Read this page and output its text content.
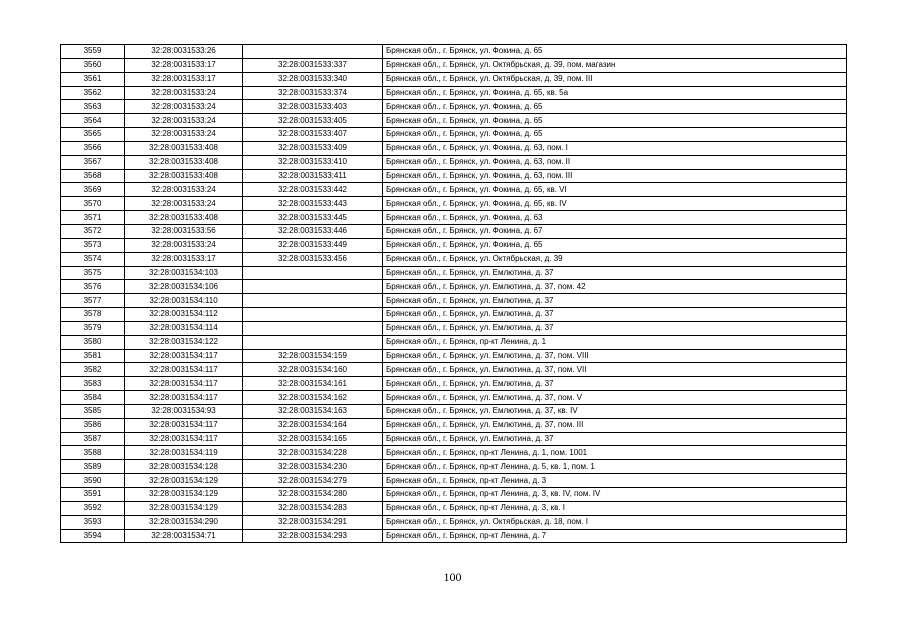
3559	32:28:0031533:26		Брянская обл., г. Брянск, ул. Фокина, д. 65
3560	32:28:0031533:17	32:28:0031533:337	Брянская обл., г. Брянск, ул. Октябрьская, д. 39, пом. магазин
3561	32:28:0031533:17	32:28:0031533:340	Брянская обл., г. Брянск, ул. Октябрьская, д. 39, пом. III
3562	32:28:0031533:24	32:28:0031533:374	Брянская обл., г. Брянск, ул. Фокина, д. 65, кв. 5а
3563	32:28:0031533:24	32:28:0031533:403	Брянская обл., г. Брянск, ул. Фокина, д. 65
3564	32:28:0031533:24	32:28:0031533:405	Брянская обл., г. Брянск, ул. Фокина, д. 65
3565	32:28:0031533:24	32:28:0031533:407	Брянская обл., г. Брянск, ул. Фокина, д. 65
3566	32:28:0031533:408	32:28:0031533:409	Брянская обл., г. Брянск, ул. Фокина, д. 63, пом. I
3567	32:28:0031533:408	32:28:0031533:410	Брянская обл., г. Брянск, ул. Фокина, д. 63, пом. II
3568	32:28:0031533:408	32:28:0031533:411	Брянская обл., г. Брянск, ул. Фокина, д. 63, пом. III
3569	32:28:0031533:24	32:28:0031533:442	Брянская обл., г. Брянск, ул. Фокина, д. 65, кв. VI
3570	32:28:0031533:24	32:28:0031533:443	Брянская обл., г. Брянск, ул. Фокина, д. 65, кв. IV
3571	32:28:0031533:408	32:28:0031533:445	Брянская обл., г. Брянск, ул. Фокина, д. 63
3572	32:28:0031533:56	32:28:0031533:446	Брянская обл., г. Брянск, ул. Фокина, д. 67
3573	32:28:0031533:24	32:28:0031533:449	Брянская обл., г. Брянск, ул. Фокина, д. 65
3574	32:28:0031533:17	32:28:0031533:456	Брянская обл., г. Брянск, ул. Октябрьская, д. 39
3575	32:28:0031534:103		Брянская обл., г. Брянск, ул. Емлютина, д. 37
3576	32:28:0031534:106		Брянская обл., г. Брянск, ул. Емлютина, д. 37, пом. 42
3577	32:28:0031534:110		Брянская обл., г. Брянск, ул. Емлютина, д. 37
3578	32:28:0031534:112		Брянская обл., г. Брянск, ул. Емлютина, д. 37
3579	32:28:0031534:114		Брянская обл., г. Брянск, ул. Емлютина, д. 37
3580	32:28:0031534:122		Брянская обл., г. Брянск, пр-кт Ленина, д. 1
3581	32:28:0031534:117	32:28:0031534:159	Брянская обл., г. Брянск, ул. Емлютина, д. 37, пом. VIII
3582	32:28:0031534:117	32:28:0031534:160	Брянская обл., г. Брянск, ул. Емлютина, д. 37, пом. VII
3583	32:28:0031534:117	32:28:0031534:161	Брянская обл., г. Брянск, ул. Емлютина, д. 37
3584	32:28:0031534:117	32:28:0031534:162	Брянская обл., г. Брянск, ул. Емлютина, д. 37, пом. V
3585	32:28:0031534:93	32:28:0031534:163	Брянская обл., г. Брянск, ул. Емлютина, д. 37, кв. IV
3586	32:28:0031534:117	32:28:0031534:164	Брянская обл., г. Брянск, ул. Емлютина, д. 37, пом. III
3587	32:28:0031534:117	32:28:0031534:165	Брянская обл., г. Брянск, ул. Емлютина, д. 37
3588	32:28:0031534:119	32:28:0031534:228	Брянская обл., г. Брянск, пр-кт Ленина, д. 1, пом. 1001
3589	32:28:0031534:128	32:28:0031534:230	Брянская обл., г. Брянск, пр-кт Ленина, д. 5, кв. 1, пом. 1
3590	32:28:0031534:129	32:28:0031534:279	Брянская обл., г. Брянск, пр-кт Ленина, д. 3
3591	32:28:0031534:129	32:28:0031534:280	Брянская обл., г. Брянск, пр-кт Ленина, д. 3, кв. IV, пом. IV
3592	32:28:0031534:129	32:28:0031534:283	Брянская обл., г. Брянск, пр-кт Ленина, д. 3, кв. I
3593	32:28:0031534:290	32:28:0031534:291	Брянская обл., г. Брянск, ул. Октябрьская, д. 18, пом. I
3594	32:28:0031534:71	32:28:0031534:293	Брянская обл., г. Брянск, пр-кт Ленина, д. 7
100
